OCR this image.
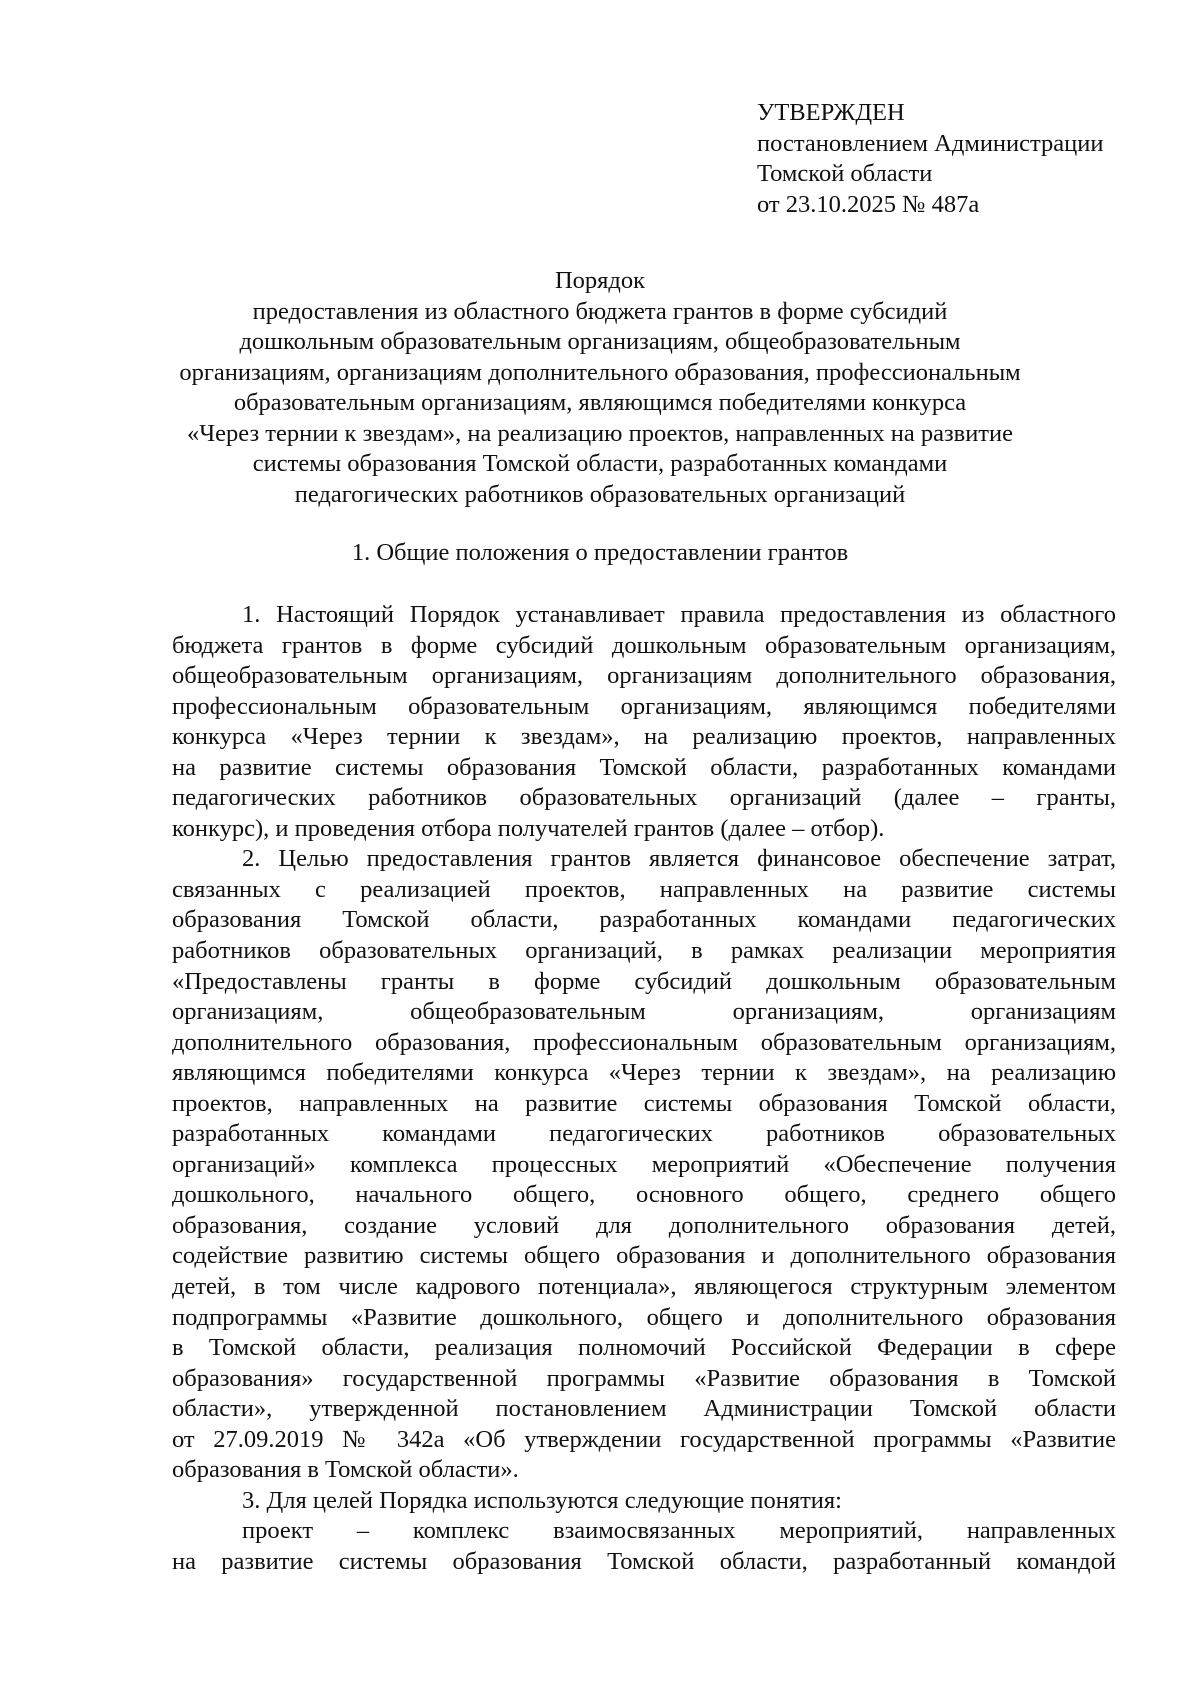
УТВЕРЖДЕН
постановлением Администрации
Томской области
от 23.10.2025 № 487а
Порядок
предоставления из областного бюджета грантов в форме субсидий
дошкольным образовательным организациям, общеобразовательным
организациям, организациям дополнительного образования, профессиональным
образовательным организациям, являющимся победителями конкурса
«Через тернии к звездам», на реализацию проектов, направленных на развитие
системы образования Томской области, разработанных командами
педагогических работников образовательных организаций
1. Общие положения о предоставлении грантов
1. Настоящий Порядок устанавливает правила предоставления из областного
бюджета грантов в форме субсидий дошкольным образовательным организациям,
общеобразовательным организациям, организациям дополнительного образования,
профессиональным образовательным организациям, являющимся победителями
конкурса «Через тернии к звездам», на реализацию проектов, направленных
на развитие системы образования Томской области, разработанных командами
педагогических работников образовательных организаций (далее – гранты,
конкурс), и проведения отбора получателей грантов (далее – отбор).
2. Целью предоставления грантов является финансовое обеспечение затрат,
связанных с реализацией проектов, направленных на развитие системы
образования Томской области, разработанных командами педагогических
работников образовательных организаций, в рамках реализации мероприятия
«Предоставлены гранты в форме субсидий дошкольным образовательным
организациям, общеобразовательным организациям, организациям
дополнительного образования, профессиональным образовательным организациям,
являющимся победителями конкурса «Через тернии к звездам», на реализацию
проектов, направленных на развитие системы образования Томской области,
разработанных командами педагогических работников образовательных
организаций» комплекса процессных мероприятий «Обеспечение получения
дошкольного, начального общего, основного общего, среднего общего
образования, создание условий для дополнительного образования детей,
содействие развитию системы общего образования и дополнительного образования
детей, в том числе кадрового потенциала», являющегося структурным элементом
подпрограммы «Развитие дошкольного, общего и дополнительного образования
в Томской области, реализация полномочий Российской Федерации в сфере
образования» государственной программы «Развитие образования в Томской
области», утвержденной постановлением Администрации Томской области
от 27.09.2019 № 342а «Об утверждении государственной программы «Развитие
образования в Томской области».
3. Для целей Порядка используются следующие понятия:
проект – комплекс взаимосвязанных мероприятий, направленных
на развитие системы образования Томской области, разработанный командой
